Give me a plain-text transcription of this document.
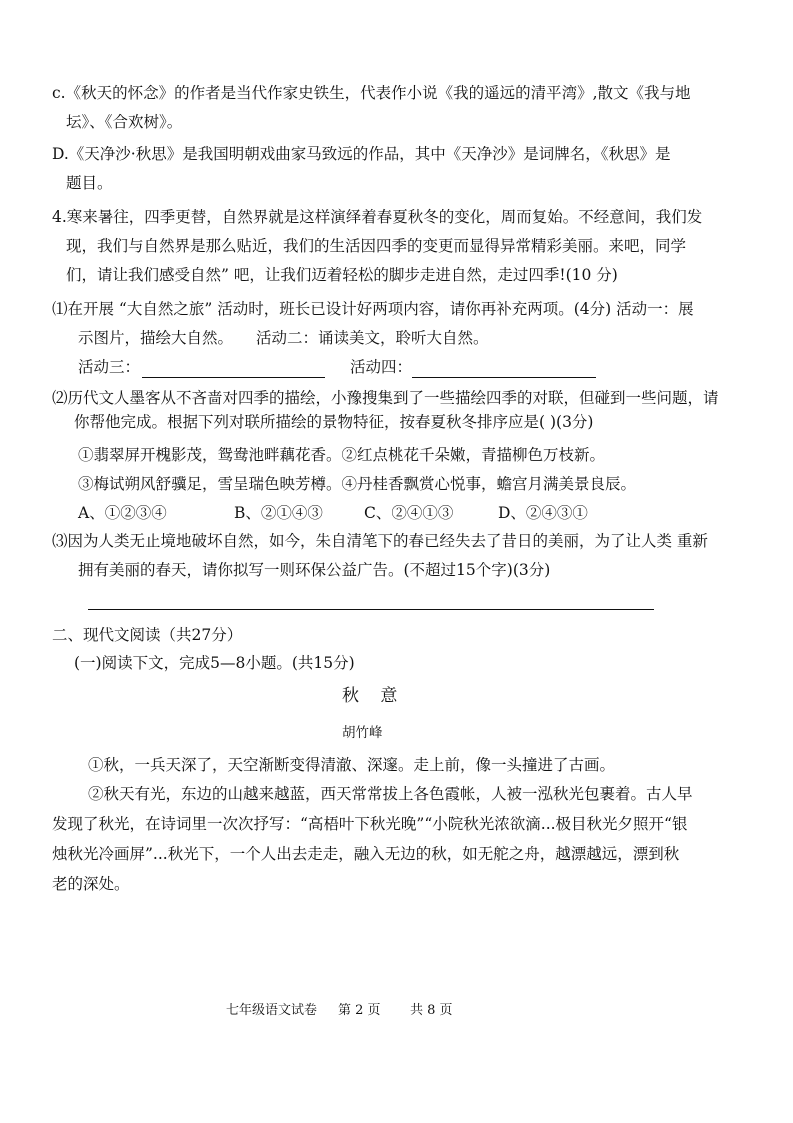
c.《秋天的怀念》的作者是当代作家史铁生，代表作小说《我的遥远的清平湾》,散文《我与地
坛》、《合欢树》。
D.《天净沙·秋思》是我国明朝戏曲家马致远的作品，其中《天净沙》是词牌名，《秋思》是
题目。
4.寒来暑往，四季更替，自然界就是这样演绎着春夏秋冬的变化，周而复始。不经意间，我们发
现，我们与自然界是那么贴近，我们的生活因四季的变更而显得异常精彩美丽。来吧，同学
们，请让我们感受自然” 吧，让我们迈着轻松的脚步走进自然，走过四季!(10 分)
⑴在开展 “大自然之旅” 活动时，班长已设计好两项内容，请你再补充两项。(4分) 活动一：展
示图片，描绘大自然。 活动二：诵读美文，聆听大自然。
活动三：	活动四：
⑵历代文人墨客从不吝啬对四季的描绘，小豫搜集到了一些描绘四季的对联，但碰到一些问题，请
你帮他完成。根据下列对联所描绘的景物特征，按春夏秋冬排序应是( )(3分)
①翡翠屏开槐影茂，鸳鸯池畔藕花香。②红点桃花千朵嫩，青描柳色万枝新。
③梅试朔风舒骥足，雪呈瑞色映芳樽。④丹桂香飘赏心悦事，蟾宫月满美景良辰。
A、①②③④	B、②①④③	C、②④①③	D、②④③①
⑶因为人类无止境地破坏自然，如今，朱自清笔下的春已经失去了昔日的美丽，为了让人类 重新
拥有美丽的春天，请你拟写一则环保公益广告。(不超过15个字)(3分)
二、现代文阅读（共27分）
(一)阅读下文，完成5—8小题。(共15分)
秋 意
胡竹峰
①秋，一兵天深了，天空渐断变得清澈、深邃。走上前，像一头撞进了古画。
②秋天有光，东边的山越来越蓝，西天常常拔上各色霞帐，人被一泓秋光包裹着。古人早
发现了秋光，在诗词里一次次抒写：“高梧叶下秋光晚”“小院秋光浓欲滴...极目秋光夕照开“银
烛秋光冷画屏”...秋光下，一个人出去走走，融入无边的秋，如无舵之舟，越漂越远，漂到秋
老的深处。
七年级语文试卷 第 2 页 共 8 页
